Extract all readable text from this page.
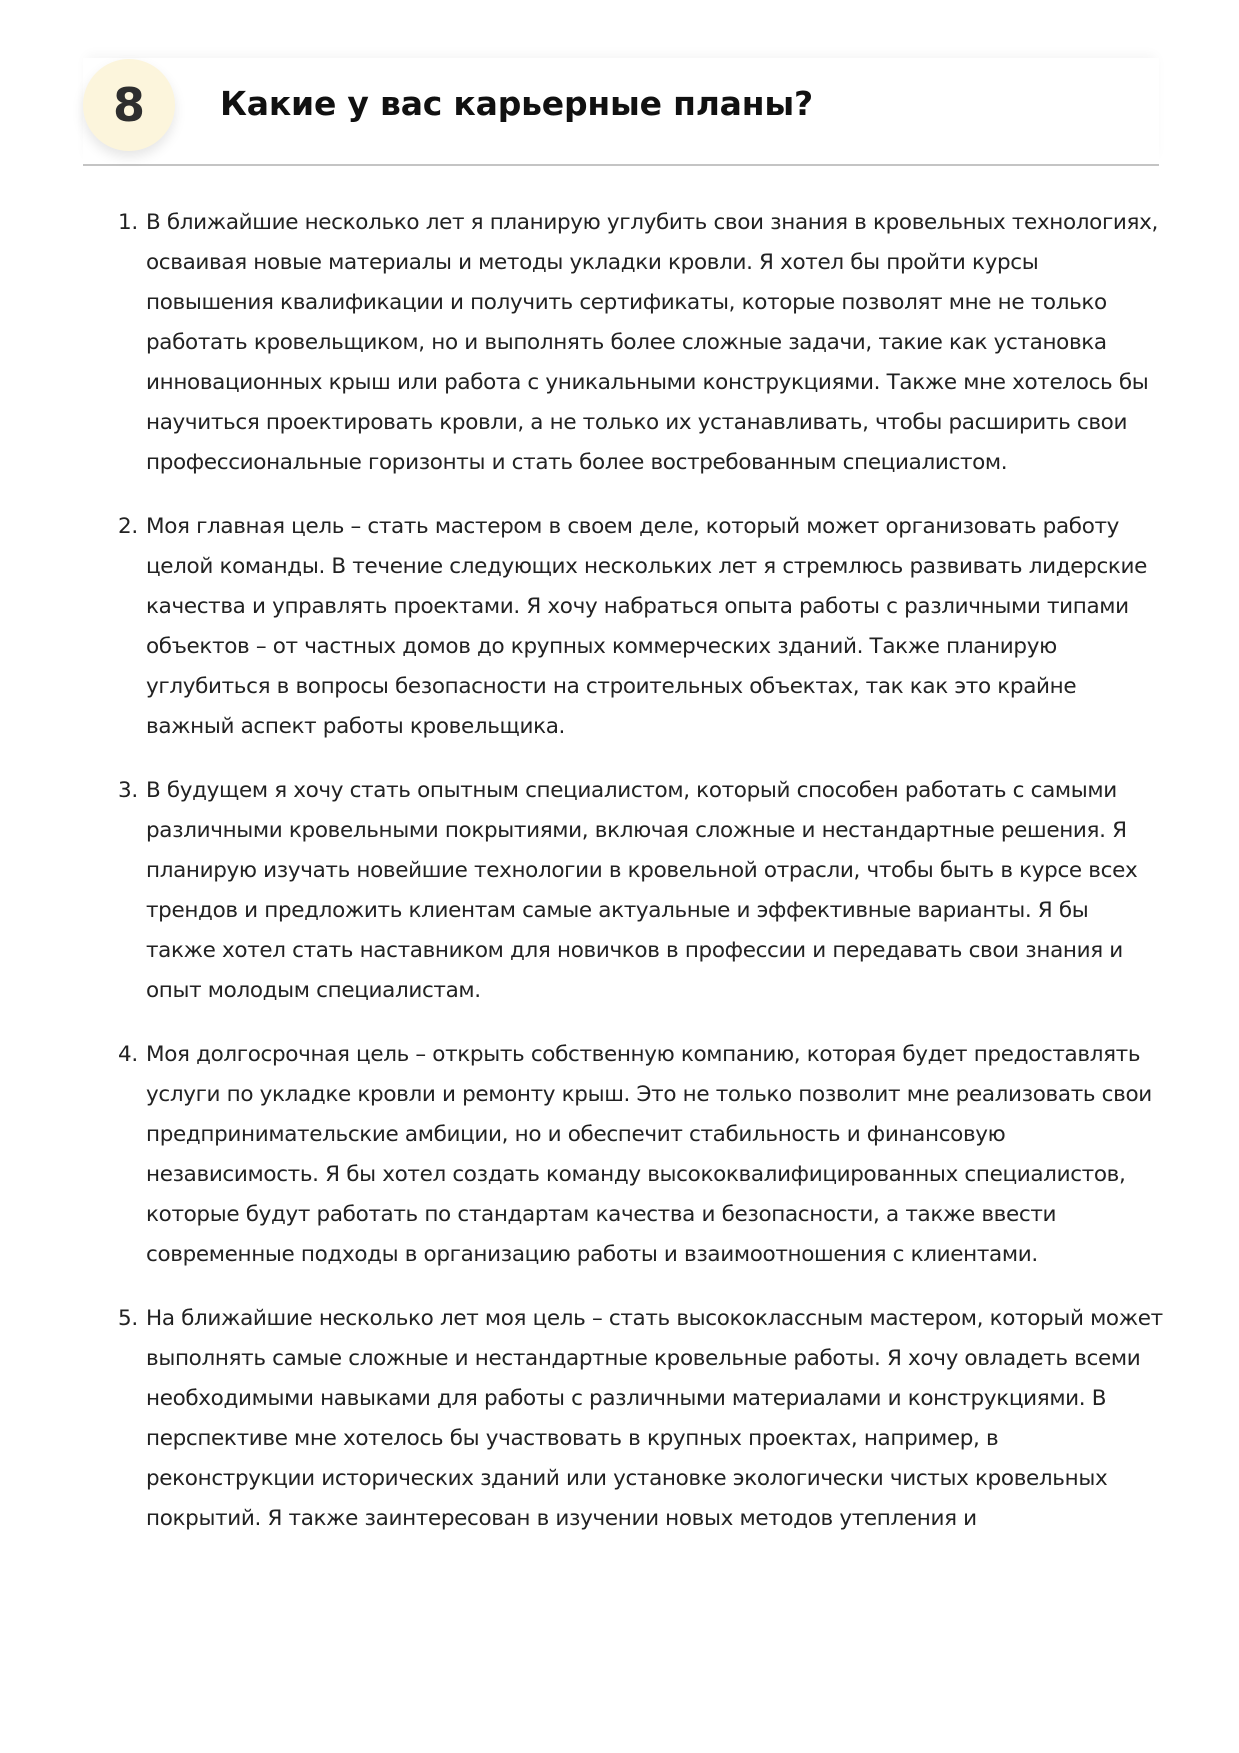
8	Какие у вас карьерные планы?
1. В ближайшие несколько лет я планирую углубить свои знания в кровельных технологиях, осваивая новые материалы и методы укладки кровли. Я хотел бы пройти курсы повышения квалификации и получить сертификаты, которые позволят мне не только работать кровельщиком, но и выполнять более сложные задачи, такие как установка инновационных крыш или работа с уникальными конструкциями. Также мне хотелось бы научиться проектировать кровли, а не только их устанавливать, чтобы расширить свои профессиональные горизонты и стать более востребованным специалистом.
2. Моя главная цель – стать мастером в своем деле, который может организовать работу целой команды. В течение следующих нескольких лет я стремлюсь развивать лидерские качества и управлять проектами. Я хочу набраться опыта работы с различными типами объектов – от частных домов до крупных коммерческих зданий. Также планирую углубиться в вопросы безопасности на строительных объектах, так как это крайне важный аспект работы кровельщика.
3. В будущем я хочу стать опытным специалистом, который способен работать с самыми различными кровельными покрытиями, включая сложные и нестандартные решения. Я планирую изучать новейшие технологии в кровельной отрасли, чтобы быть в курсе всех трендов и предложить клиентам самые актуальные и эффективные варианты. Я бы также хотел стать наставником для новичков в профессии и передавать свои знания и опыт молодым специалистам.
4. Моя долгосрочная цель – открыть собственную компанию, которая будет предоставлять услуги по укладке кровли и ремонту крыш. Это не только позволит мне реализовать свои предпринимательские амбиции, но и обеспечит стабильность и финансовую независимость. Я бы хотел создать команду высококвалифицированных специалистов, которые будут работать по стандартам качества и безопасности, а также ввести современные подходы в организацию работы и взаимоотношения с клиентами.
5. На ближайшие несколько лет моя цель – стать высококлассным мастером, который может выполнять самые сложные и нестандартные кровельные работы. Я хочу овладеть всеми необходимыми навыками для работы с различными материалами и конструкциями. В перспективе мне хотелось бы участвовать в крупных проектах, например, в реконструкции исторических зданий или установке экологически чистых кровельных покрытий. Я также заинтересован в изучении новых методов утепления и
